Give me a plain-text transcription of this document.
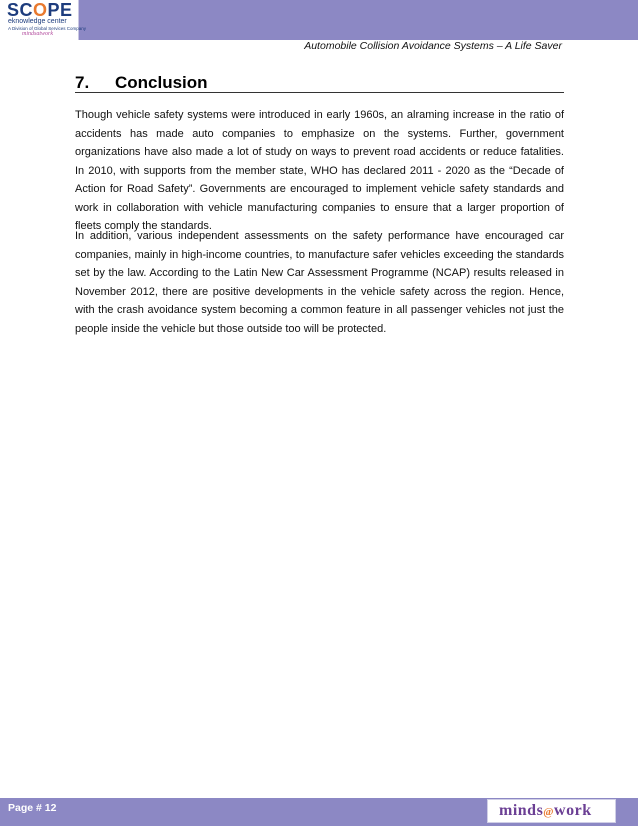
SCOPE
eknowledge center
A Division of Global Services Company
mindsatwork
Automobile Collision Avoidance Systems – A Life Saver
7. Conclusion

Though vehicle safety systems were introduced in early 1960s, an alraming increase in the ratio of accidents has made auto companies to emphasize on the systems. Further, government organizations have also made a lot of study on ways to prevent road accidents or reduce fatalities. In 2010, with supports from the member state, WHO has declared 2011 - 2020 as the “Decade of Action for Road Safety”. Governments are encouraged to implement vehicle safety standards and work in collaboration with vehicle manufacturing companies to ensure that a larger proportion of fleets comply the standards.

In addition, various independent assessments on the safety performance have encouraged car companies, mainly in high-income countries, to manufacture safer vehicles exceeding the standards set by the law. According to the Latin New Car Assessment Programme (NCAP) results released in November 2012, there are positive developments in the vehicle safety across the region. Hence, with the crash avoidance system becoming a common feature in all passenger vehicles not just the people inside the vehicle but those outside too will be protected.

Page # 12	minds@work
